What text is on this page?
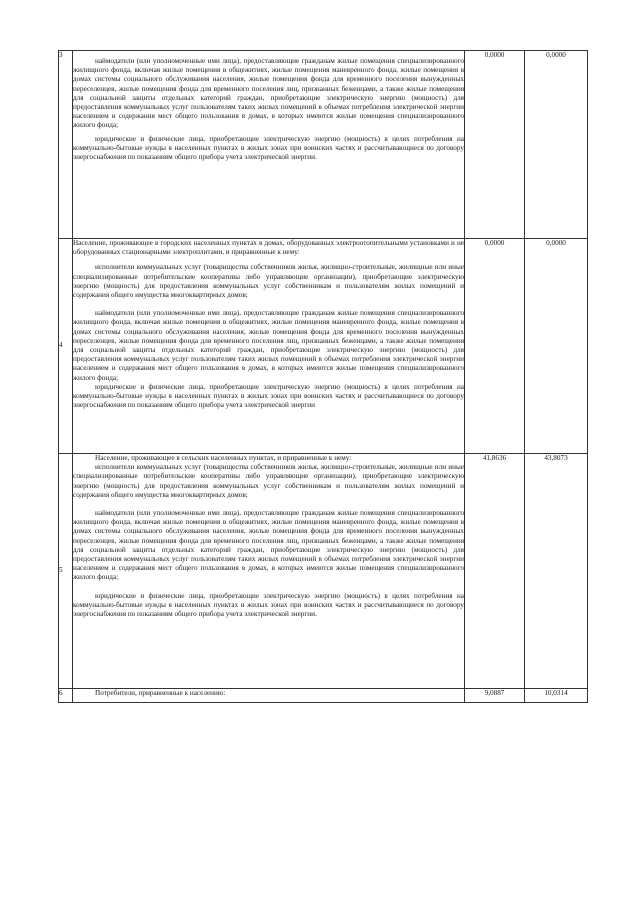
3	наймодатели (или уполномоченные ими лица), предоставляющие гражданам жилые помещения специализированного жилищного фонда, включая жилые помещения в общежитиях, жилые помещения маневренного фонда, жилые помещения в домах системы социального обслуживания населения, жилые помещения фонда для временного поселения вынужденных переселенцев, жилые помещения фонда для временного поселения лиц, признанных беженцами, а также жилые помещения для социальной защиты отдельных категорий граждан, приобретающие электрическую энергию (мощность) для предоставления коммунальных услуг пользователям таких жилых помещений в объемах потребления электрической энергии населением и содержания мест общего пользования в домах, в которых имеются жилые помещения специализированного жилого фонда;

юридические и физические лица, приобретающие электрическую энергию (мощность) в целях потребления на коммунально-бытовые нужды в населенных пунктах и жилых зонах при воинских частях и рассчитывающиеся по договору энергоснабжения по показаниям общего прибора учета электрической энергии.	0,0000	0,0000
4	Население, проживающее в городских населенных пунктах в домах, оборудованных электроотопительными установками и не оборудованных стационарными электроплитами, и приравненные к нему:

исполнители коммунальных услуг (товарищества собственников жилья, жилищно-строительные, жилищные или иные специализированные потребительские кооперативы либо управляющие организации), приобретающие электрическую энергию (мощность) для предоставления коммунальных услуг собственникам и пользователям жилых помещений и содержания общего имущества многоквартирных домов;

наймодатели (или уполномоченные ими лица), предоставляющие гражданам жилые помещения специализированного жилищного фонда, включая жилые помещения в общежитиях, жилые помещения маневренного фонда, жилые помещения в домах системы социального обслуживания населения, жилые помещения фонда для временного поселения вынужденных переселенцев, жилые помещения фонда для временного поселения лиц, признанных беженцами, а также жилые помещения для социальной защиты отдельных категорий граждан, приобретающие электрическую энергию (мощность) для предоставления коммунальных услуг пользователям таких жилых помещений в объемах потребления электрической энергии населением и содержания мест общего пользования в домах, в которых имеются жилые помещения специализированного жилого фонда;

юридические и физические лица, приобретающие электрическую энергию (мощность) в целях потребления на коммунально-бытовые нужды в населенных пунктах и жилых зонах при воинских частях и рассчитывающиеся по договору энергоснабжения по показаниям общего прибора учета электрической энергии	0,0000	0,0000
5	Население, проживающее в сельских населенных пунктах, и приравненные к нему:

исполнители коммунальных услуг (товарищества собственников жилья, жилищно-строительные, жилищные или иные специализированные потребительские кооперативы либо управляющие организации), приобретающие электрическую энергию (мощность) для предоставления коммунальных услуг собственникам и пользователям жилых помещений и содержания общего имущества многоквартирных домов;

наймодатели (или уполномоченные ими лица), предоставляющие гражданам жилые помещения специализированного жилищного фонда, включая жилые помещения в общежитиях, жилые помещения маневренного фонда, жилые помещения в домах системы социального обслуживания населения, жилые помещения фонда для временного поселения вынужденных переселенцев, жилые помещения фонда для временного поселения лиц, признанных беженцами, а также жилые помещения для социальной защиты отдельных категорий граждан, приобретающие электрическую энергию (мощность) для предоставления коммунальных услуг пользователям таких жилых помещений в объемах потребления электрической энергии населением и содержания мест общего пользования в домах, в которых имеются жилые помещения специализированного жилого фонда;

юридические и физические лица, приобретающие электрическую энергию (мощность) в целях потребления на коммунально-бытовые нужды в населенных пунктах и жилых зонах при воинских частях и рассчитывающиеся по договору энергоснабжения по показаниям общего прибора учета электрической энергии.	41,8636	43,8073
6	Потребители, приравненные к населению:	9,0887	10,0314
